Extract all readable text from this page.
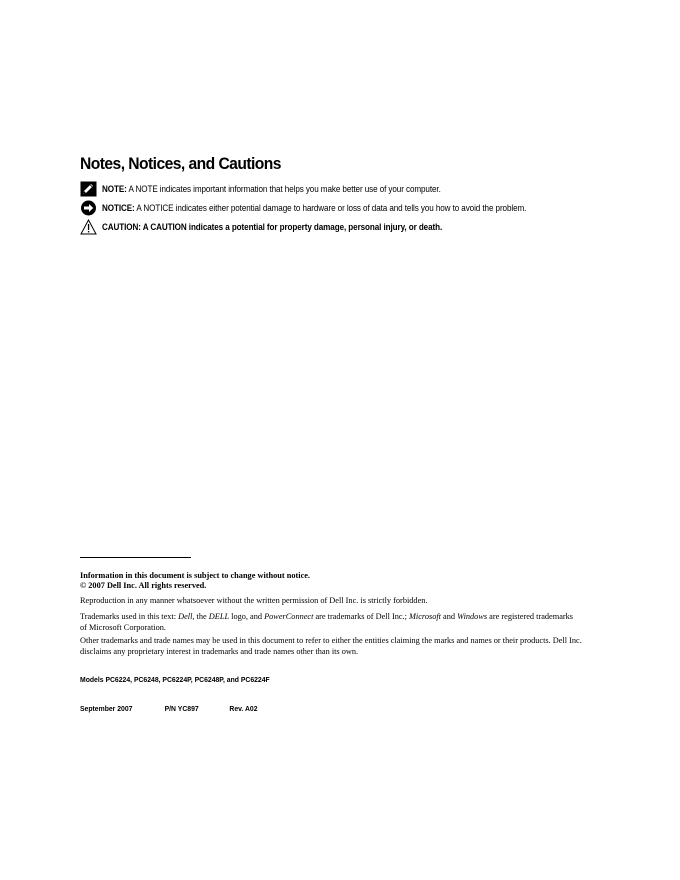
Notes, Notices, and Cautions
NOTE: A NOTE indicates important information that helps you make better use of your computer.
NOTICE: A NOTICE indicates either potential damage to hardware or loss of data and tells you how to avoid the problem.
CAUTION: A CAUTION indicates a potential for property damage, personal injury, or death.
Information in this document is subject to change without notice.
© 2007 Dell Inc. All rights reserved.
Reproduction in any manner whatsoever without the written permission of Dell Inc. is strictly forbidden.
Trademarks used in this text: Dell, the DELL logo, and PowerConnect are trademarks of Dell Inc.; Microsoft and Windows are registered trademarks of Microsoft Corporation.
Other trademarks and trade names may be used in this document to refer to either the entities claiming the marks and names or their products. Dell Inc. disclaims any proprietary interest in trademarks and trade names other than its own.
Models PC6224, PC6248, PC6224P, PC6248P, and PC6224F
September 2007	P/N YC897	Rev. A02
